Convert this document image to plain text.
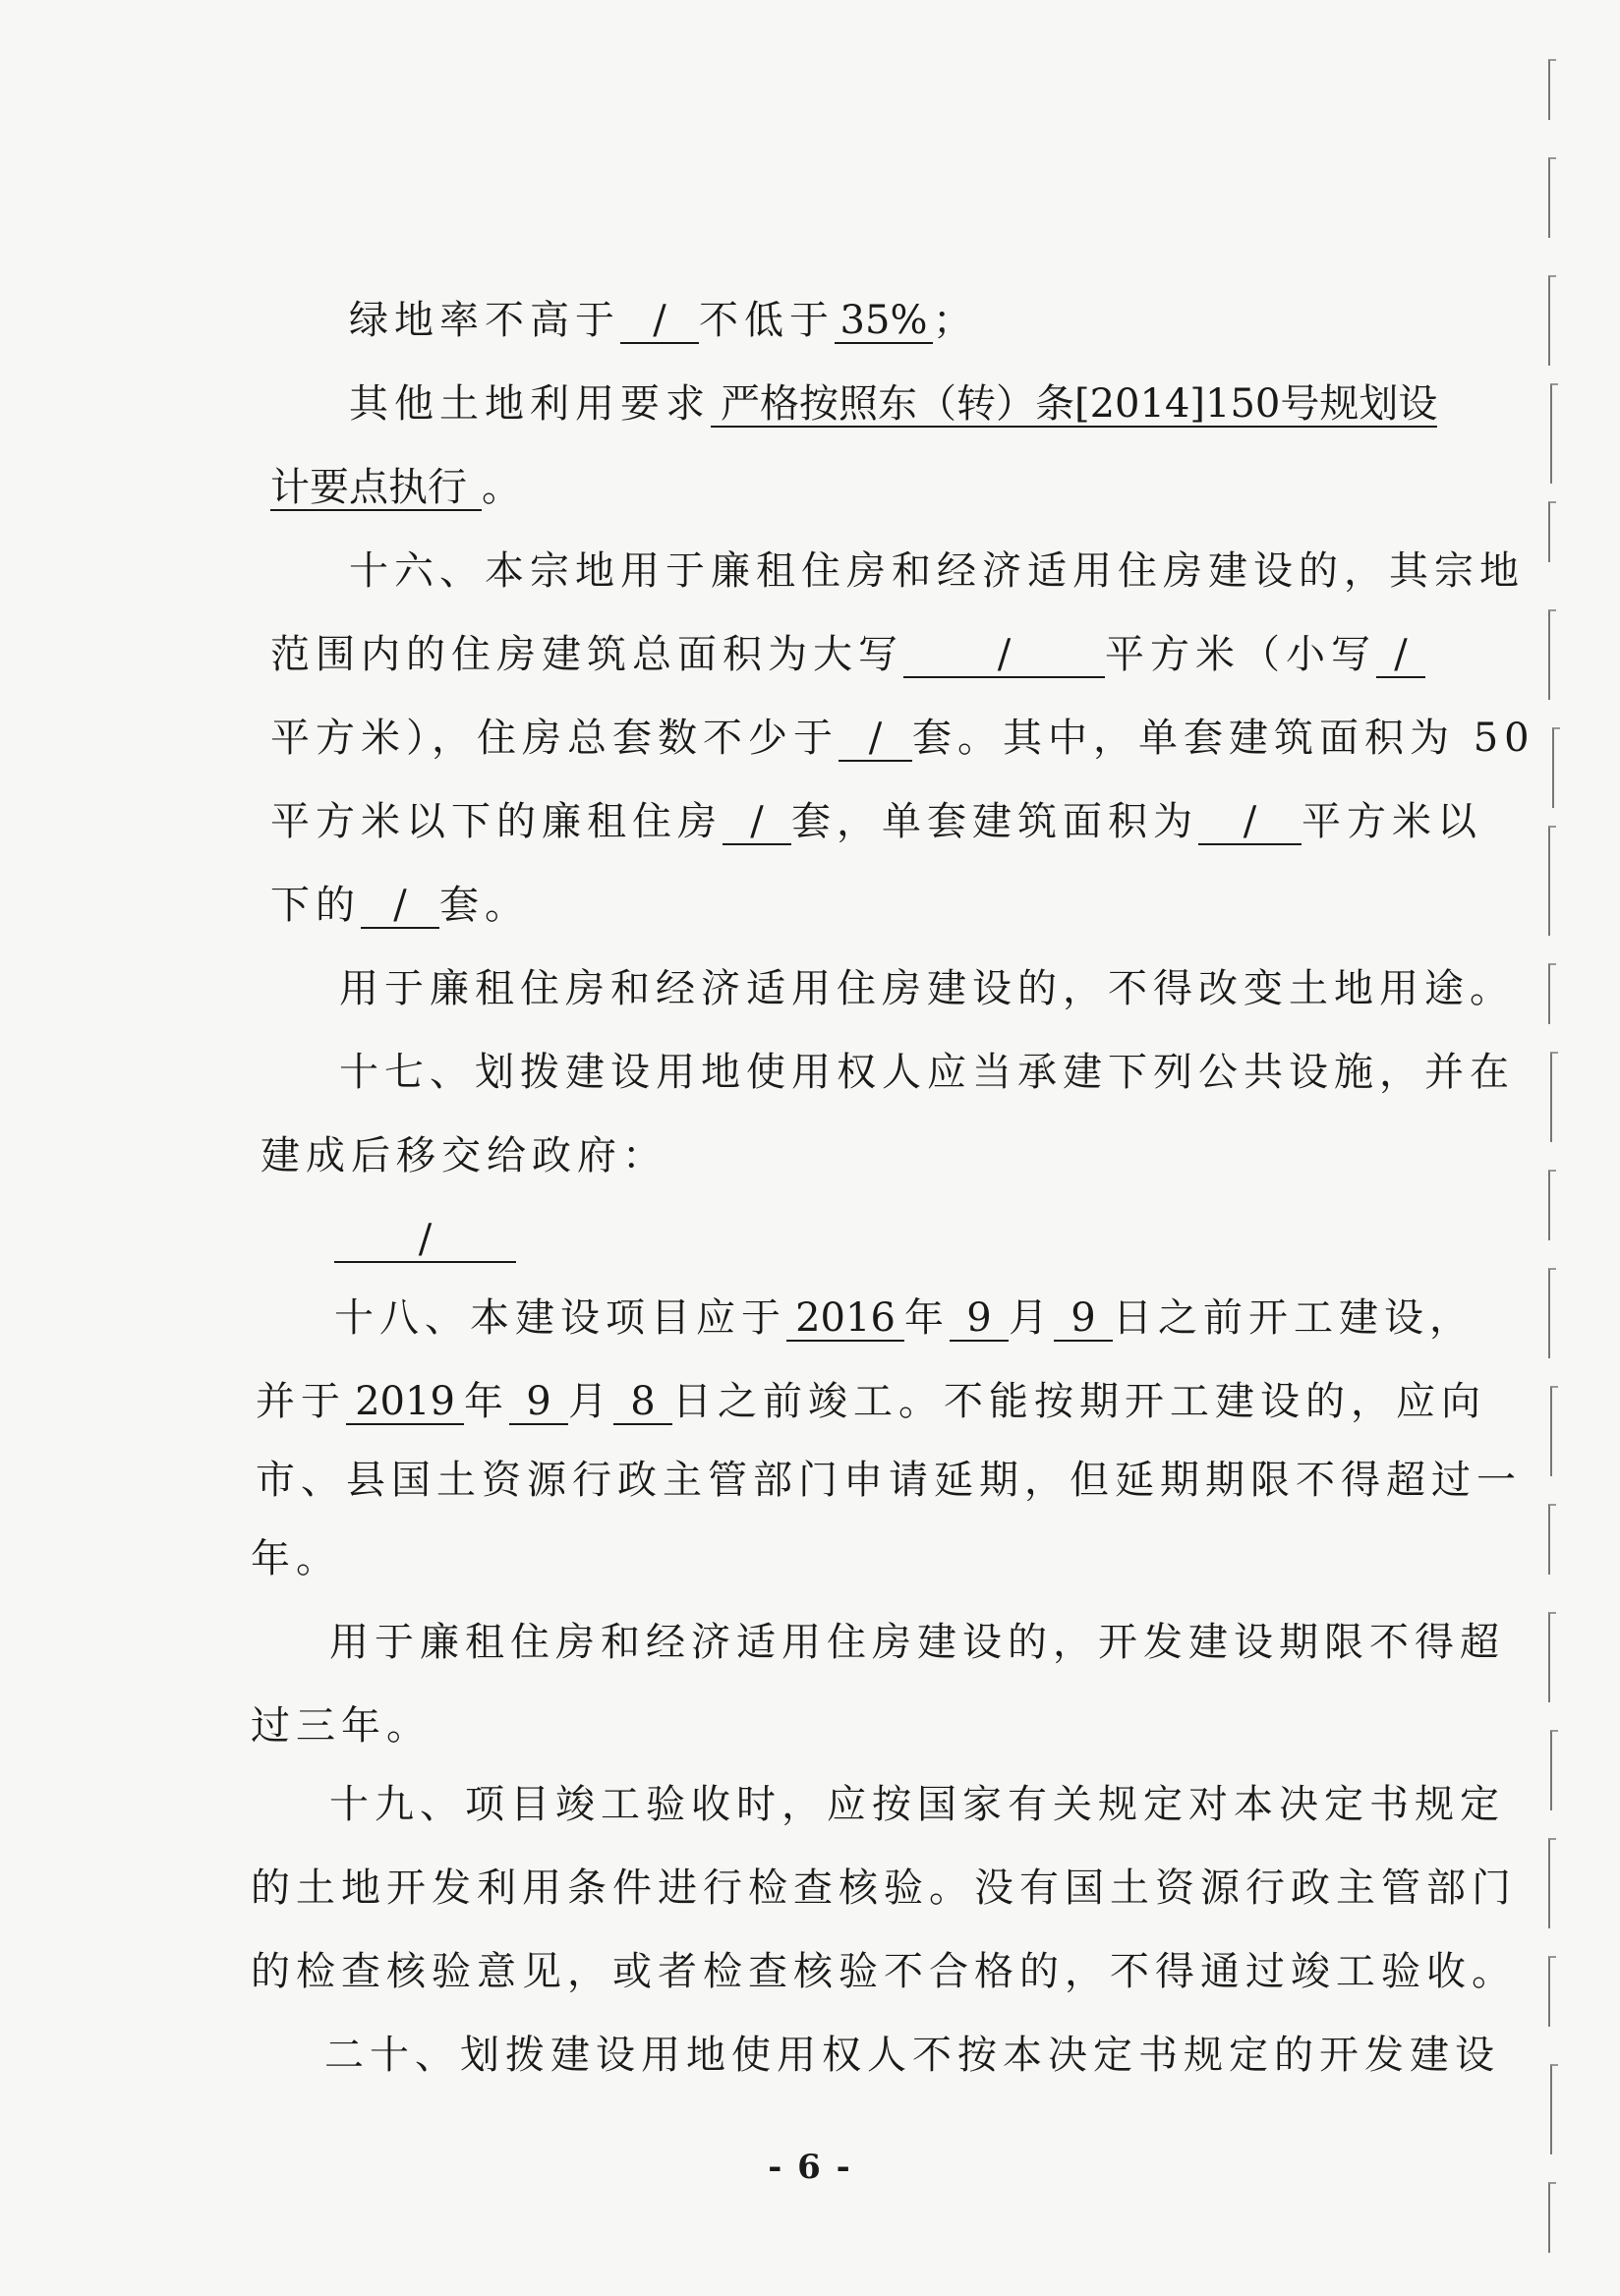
绿地率不高于 / 不低于 35% ；
其他土地利用要求 严格按照东（转）条[2014]150号规划设
计要点执行 。
十六、本宗地用于廉租住房和经济适用住房建设的，其宗地
范围内的住房建筑总面积为大写 / 平方米（小写 /
平方米），住房总套数不少于 / 套。其中，单套建筑面积为 50
平方米以下的廉租住房 / 套，单套建筑面积为 / 平方米以
下的 / 套。
用于廉租住房和经济适用住房建设的，不得改变土地用途。
十七、划拨建设用地使用权人应当承建下列公共设施，并在
建成后移交给政府：
/
十八、本建设项目应于 2016 年 9 月 9 日之前开工建设，
并于 2019 年 9 月 8 日之前竣工。不能按期开工建设的，应向
市、县国土资源行政主管部门申请延期，但延期期限不得超过一
年。
用于廉租住房和经济适用住房建设的，开发建设期限不得超
过三年。
十九、项目竣工验收时，应按国家有关规定对本决定书规定
的土地开发利用条件进行检查核验。没有国土资源行政主管部门
的检查核验意见，或者检查核验不合格的，不得通过竣工验收。
二十、划拨建设用地使用权人不按本决定书规定的开发建设
- 6 -
